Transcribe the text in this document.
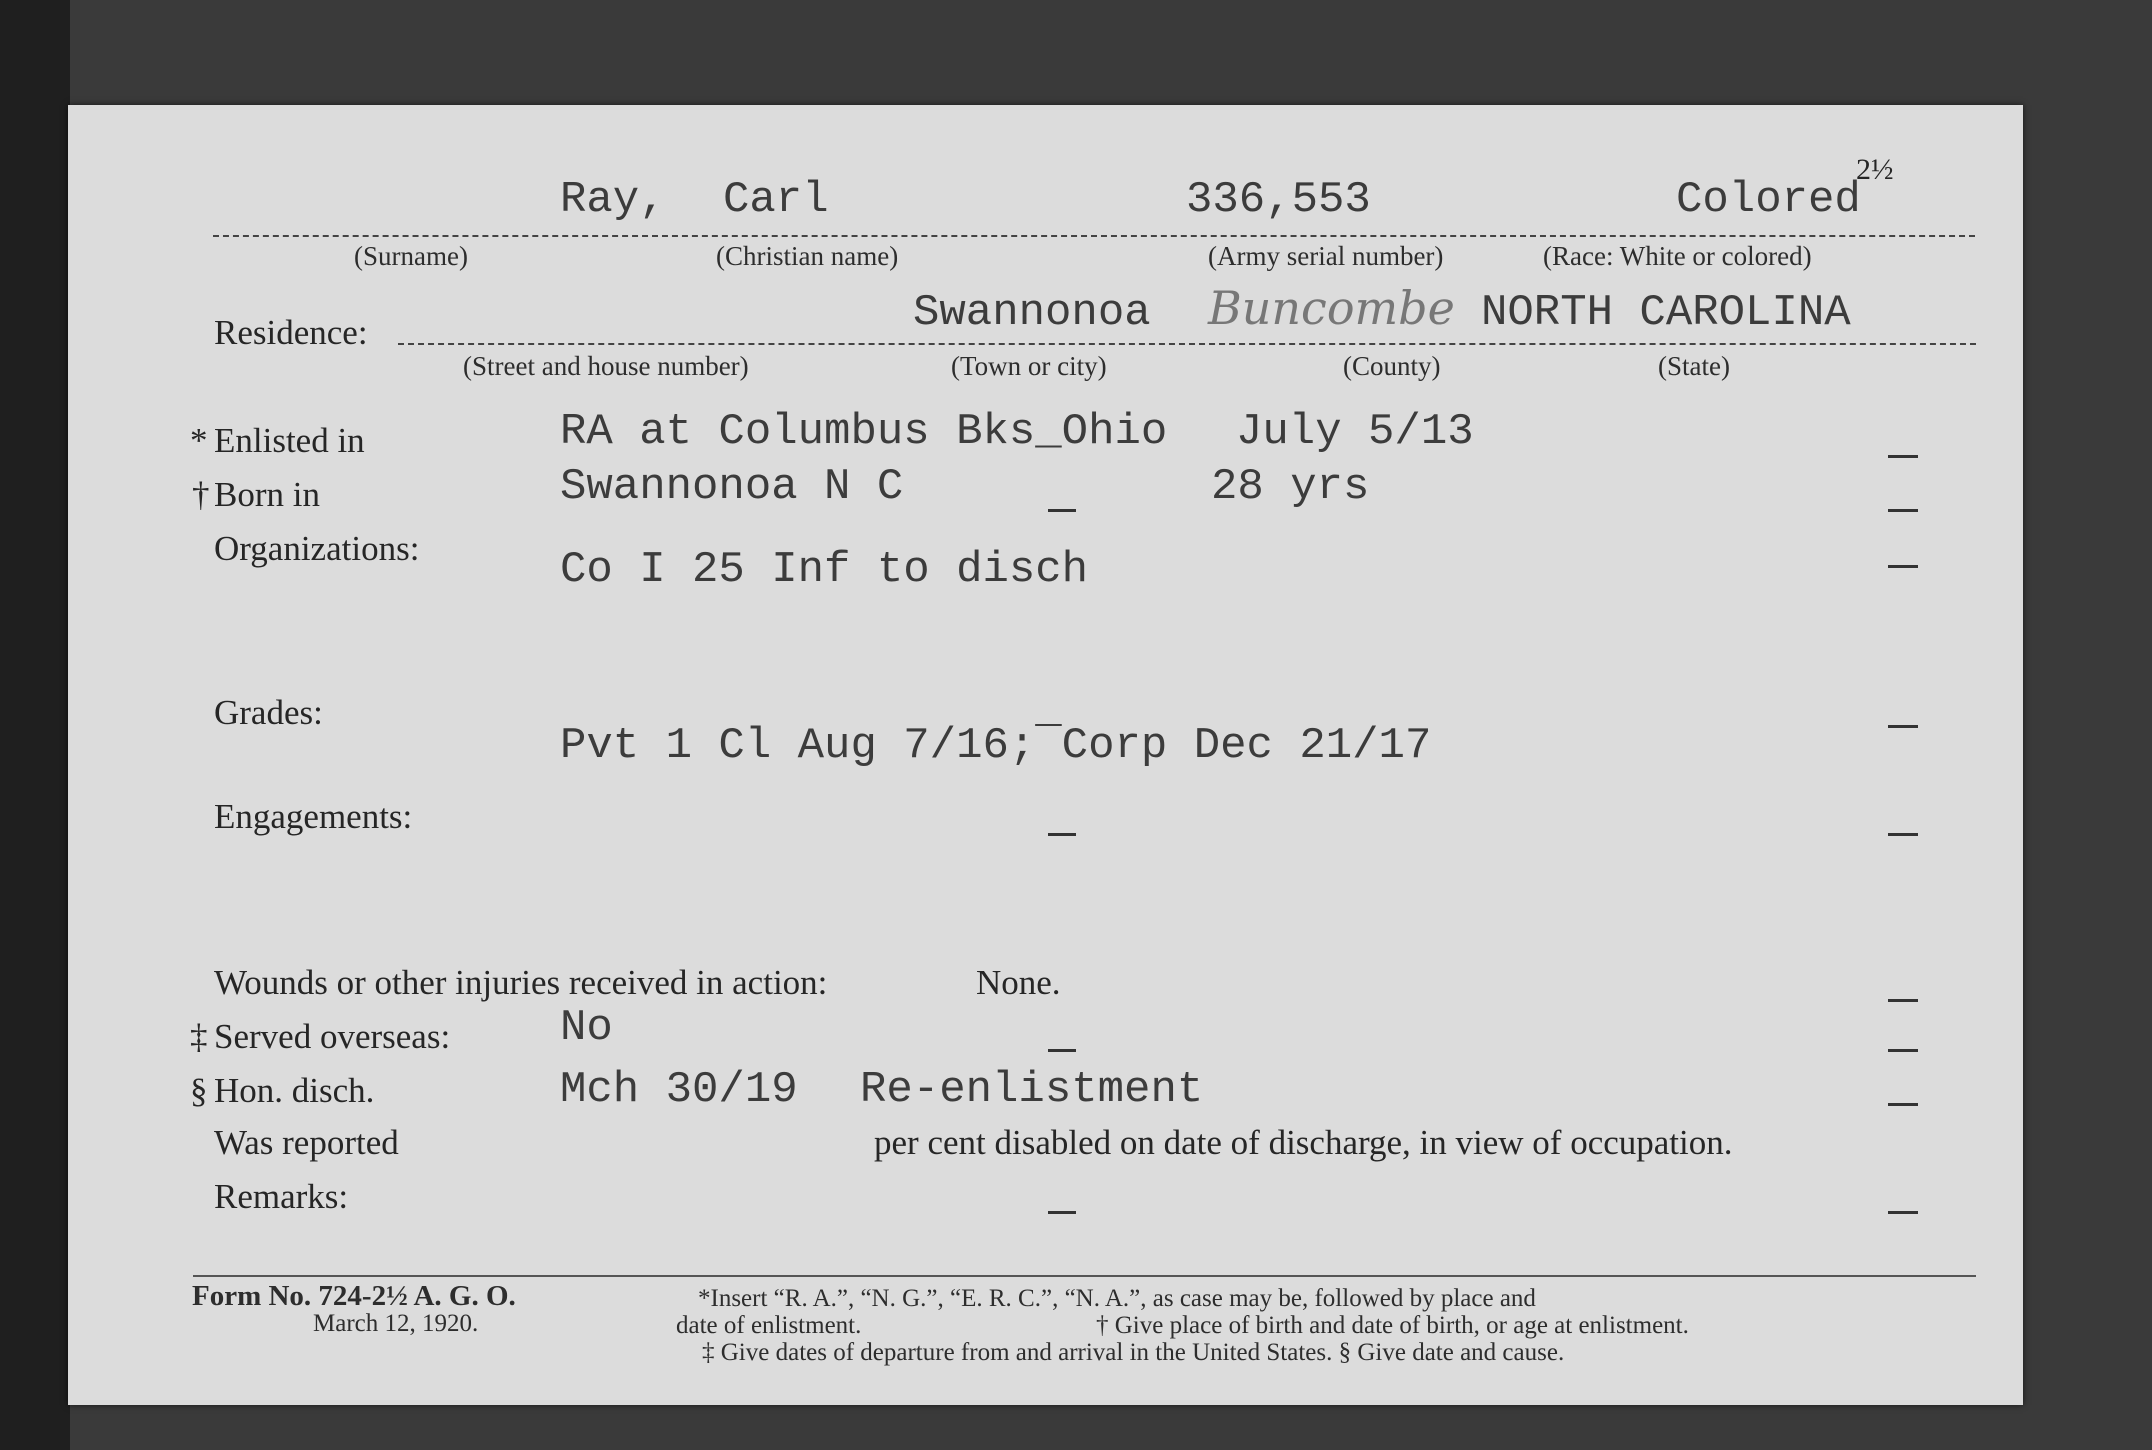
Ray, Carl	336,553	Colored
2½
(Surname)	(Christian name)	(Army serial number)	(Race: White or colored)
Residence:	Swannonoa Buncombe NORTH CAROLINA
(Street and house number)	(Town or city)	(County)	(State)
* Enlisted in	RA at Columbus Bks_Ohio July 5/13
† Born in	Swannonoa N C	28 yrs
Organizations:	Co I 25 Inf to disch
Grades:
Pvt 1 Cl Aug 7/16;‾Corp Dec 21/17
Engagements:
Wounds or other injuries received in action:	None.
‡ Served overseas: No
§ Hon. disch.	Mch 30/19 Re-enlistment
Was reported	per cent disabled on date of discharge, in view of occupation.
Remarks:
Form No. 724-2½ A. G. O.
March 12, 1920.
*Insert “R. A.”, “N. G.”, “E. R. C.”, “N. A.”, as case may be, followed by place and
date of enlistment.	† Give place of birth and date of birth, or age at enlistment.
‡ Give dates of departure from and arrival in the United States. § Give date and cause.
